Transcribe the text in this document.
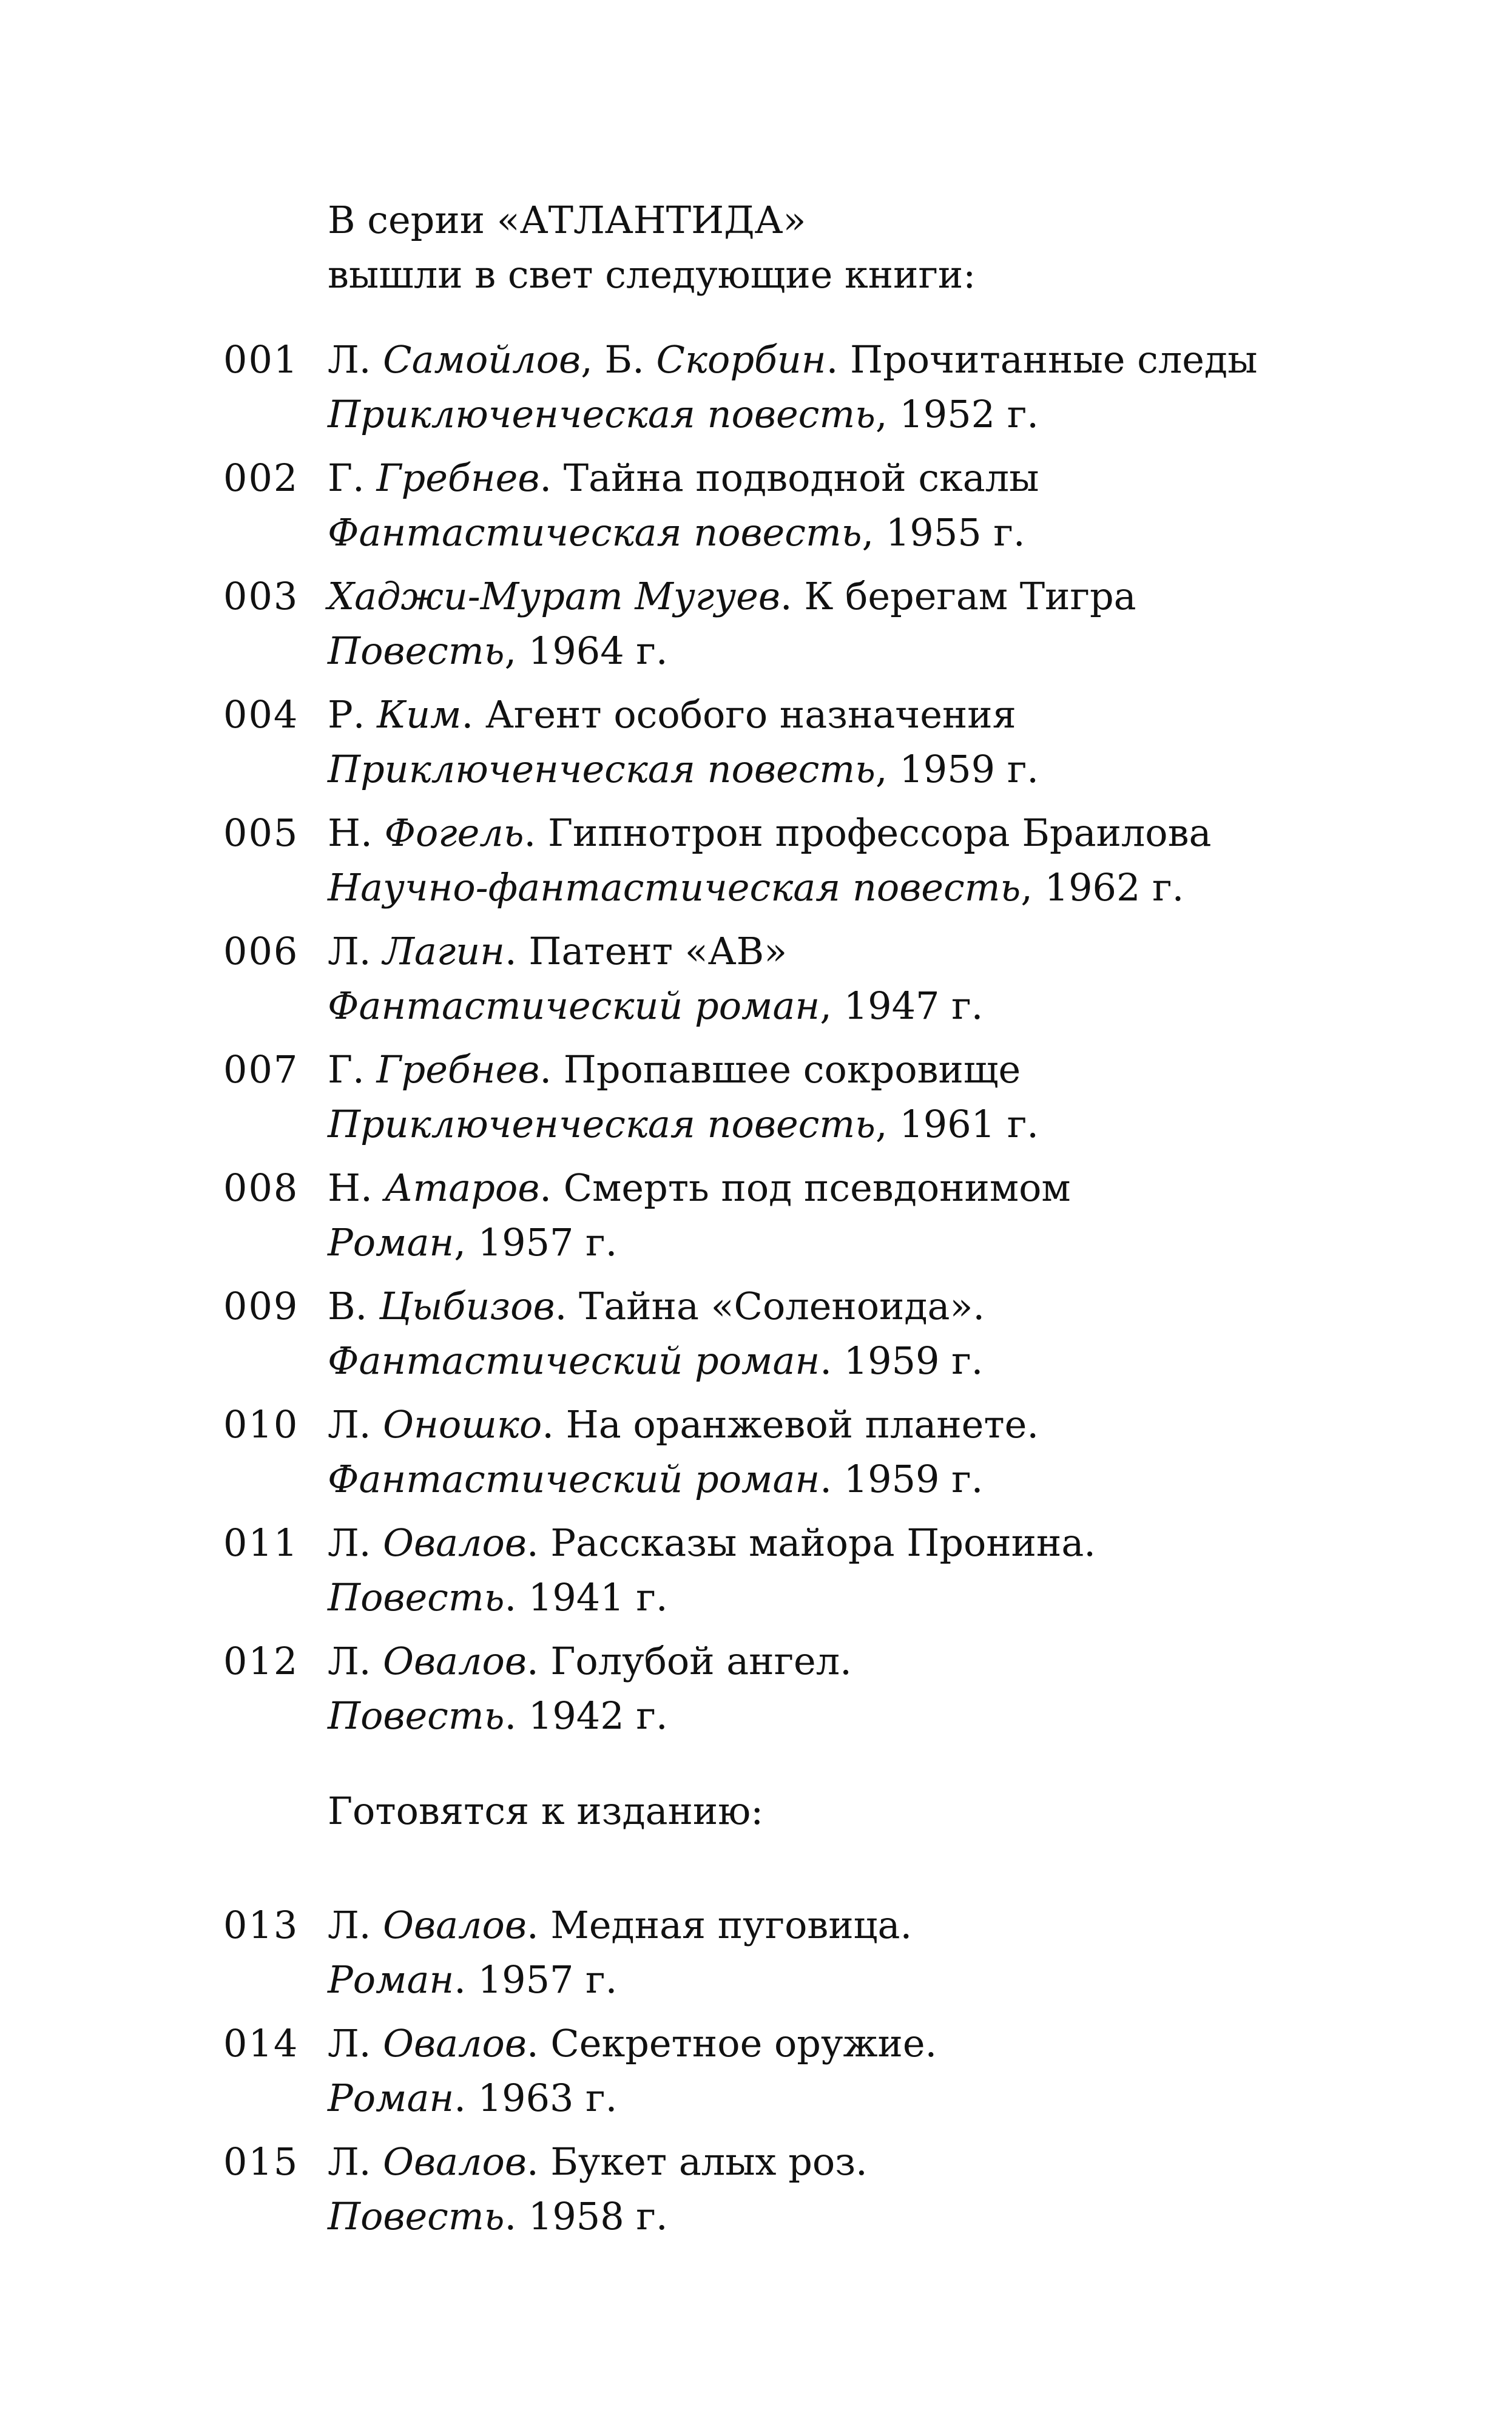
В серии «АТЛАНТИДА»
вышли в свет следующие книги:
001 Л. Самойлов, Б. Скорбин. Прочитанные следы
Приключенческая повесть, 1952 г.
002 Г. Гребнев. Тайна подводной скалы
Фантастическая повесть, 1955 г.
003 Хаджи-Мурат Мугуев. К берегам Тигра
Повесть, 1964 г.
004 Р. Ким. Агент особого назначения
Приключенческая повесть, 1959 г.
005 Н. Фогель. Гипнотрон профессора Браилова
Научно-фантастическая повесть, 1962 г.
006 Л. Лагин. Патент «АВ»
Фантастический роман, 1947 г.
007 Г. Гребнев. Пропавшее сокровище
Приключенческая повесть, 1961 г.
008 Н. Атаров. Смерть под псевдонимом
Роман, 1957 г.
009 В. Цыбизов. Тайна «Соленоида».
Фантастический роман. 1959 г.
010 Л. Оношко. На оранжевой планете.
Фантастический роман. 1959 г.
011 Л. Овалов. Рассказы майора Пронина.
Повесть. 1941 г.
012 Л. Овалов. Голубой ангел.
Повесть. 1942 г.
Готовятся к изданию:
013 Л. Овалов. Медная пуговица.
Роман. 1957 г.
014 Л. Овалов. Секретное оружие.
Роман. 1963 г.
015 Л. Овалов. Букет алых роз.
Повесть. 1958 г.
